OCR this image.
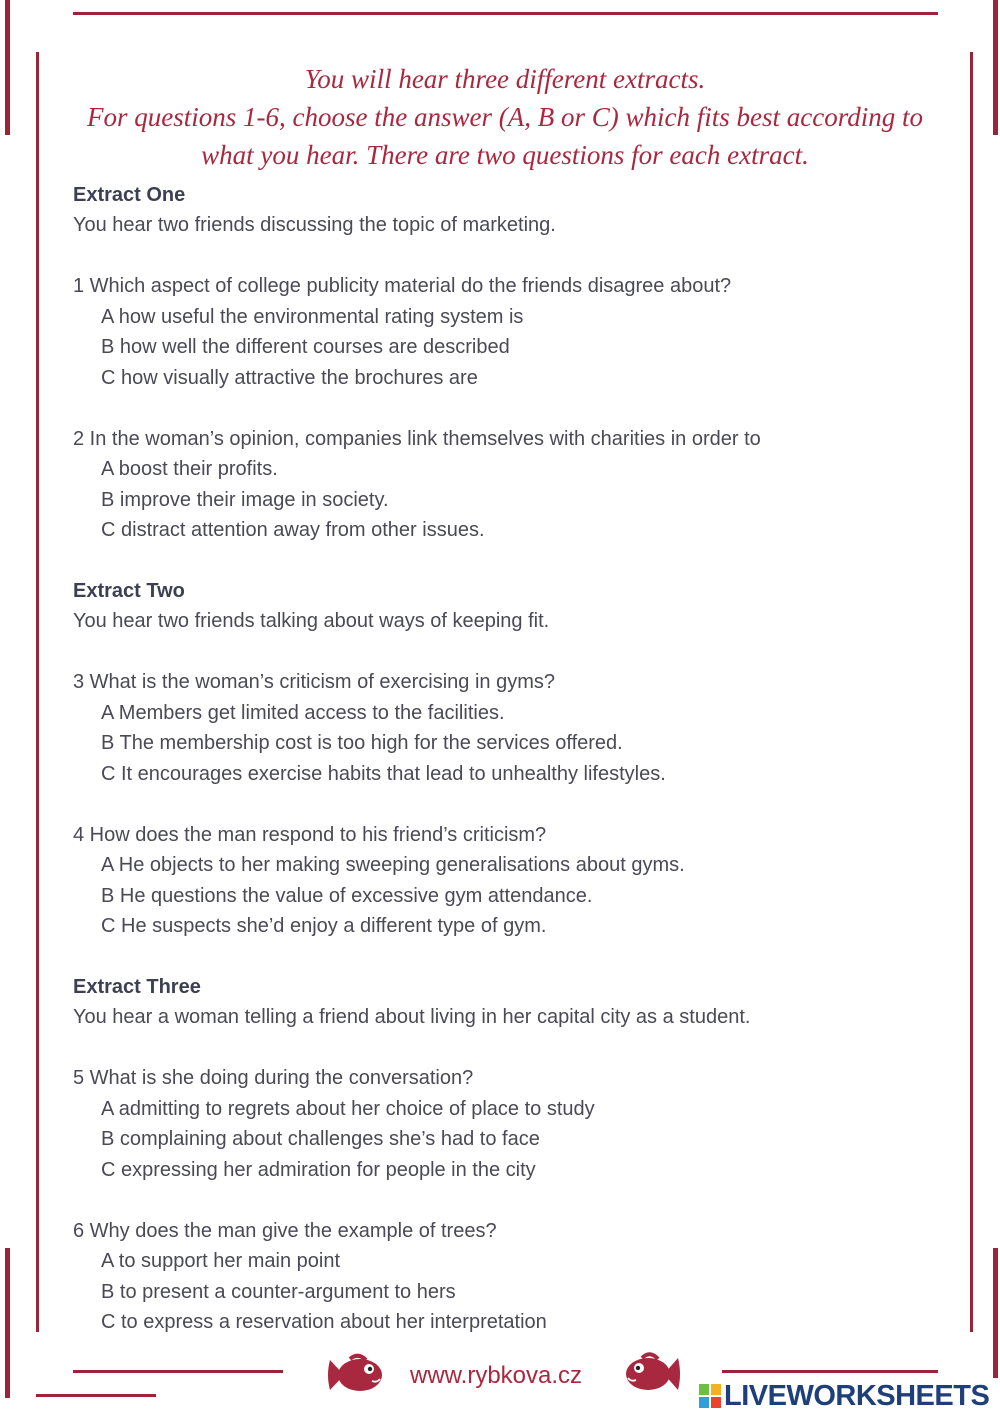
You will hear three different extracts.
For questions 1-6, choose the answer (A, B or C) which fits best according to
what you hear. There are two questions for each extract.
Extract One
You hear two friends discussing the topic of marketing.
1 Which aspect of college publicity material do the friends disagree about?
A how useful the environmental rating system is
B how well the different courses are described
C how visually attractive the brochures are
2 In the woman’s opinion, companies link themselves with charities in order to
A boost their profits.
B improve their image in society.
C distract attention away from other issues.
Extract Two
You hear two friends talking about ways of keeping fit.
3 What is the woman’s criticism of exercising in gyms?
A Members get limited access to the facilities.
B The membership cost is too high for the services offered.
C It encourages exercise habits that lead to unhealthy lifestyles.
4 How does the man respond to his friend’s criticism?
A He objects to her making sweeping generalisations about gyms.
B He questions the value of excessive gym attendance.
C He suspects she’d enjoy a different type of gym.
Extract Three
You hear a woman telling a friend about living in her capital city as a student.
5 What is she doing during the conversation?
A admitting to regrets about her choice of place to study
B complaining about challenges she’s had to face
C expressing her admiration for people in the city
6 Why does the man give the example of trees?
A to support her main point
B to present a counter-argument to hers
C to express a reservation about her interpretation
www.rybkova.cz
LIVEWORKSHEETS
